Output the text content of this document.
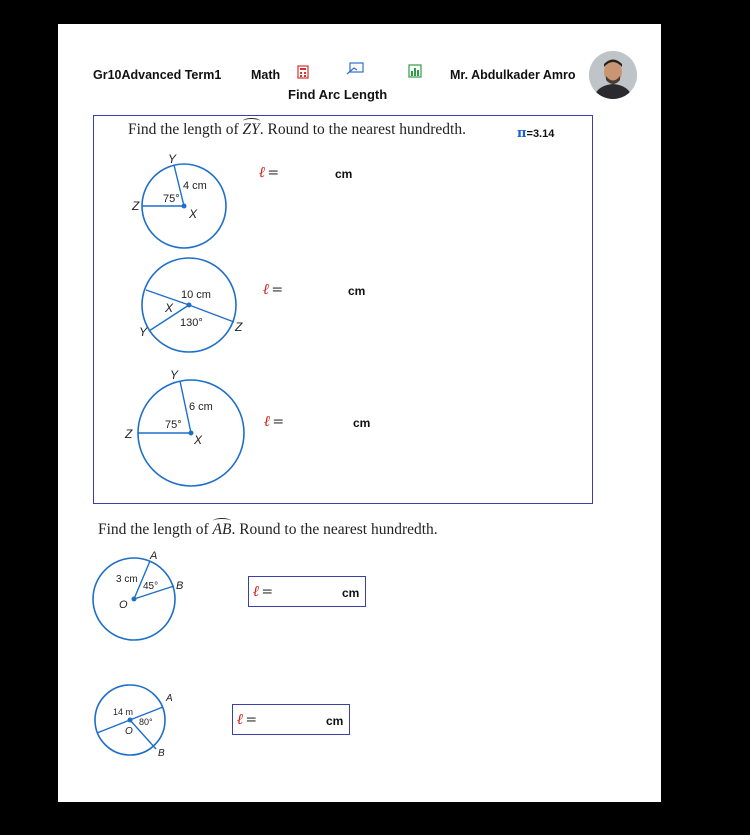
Gr10Advanced Term1 Math	Mr. Abdulkader Amro
Find Arc Length
Find the length of ZY. Round to the nearest hundredth.	π=3.14
Y
Z
X
4 cm
75°
ℓ =	cm
Y	Z
X
10 cm
130°
ℓ =	cm
Y
Z	X
6 cm
75°	ℓ =	cm
Find the length of AB. Round to the nearest hundredth.
A
B
O
3 cm
45°	ℓ =	cm
A
B
O
14 m
80°	ℓ =	cm
